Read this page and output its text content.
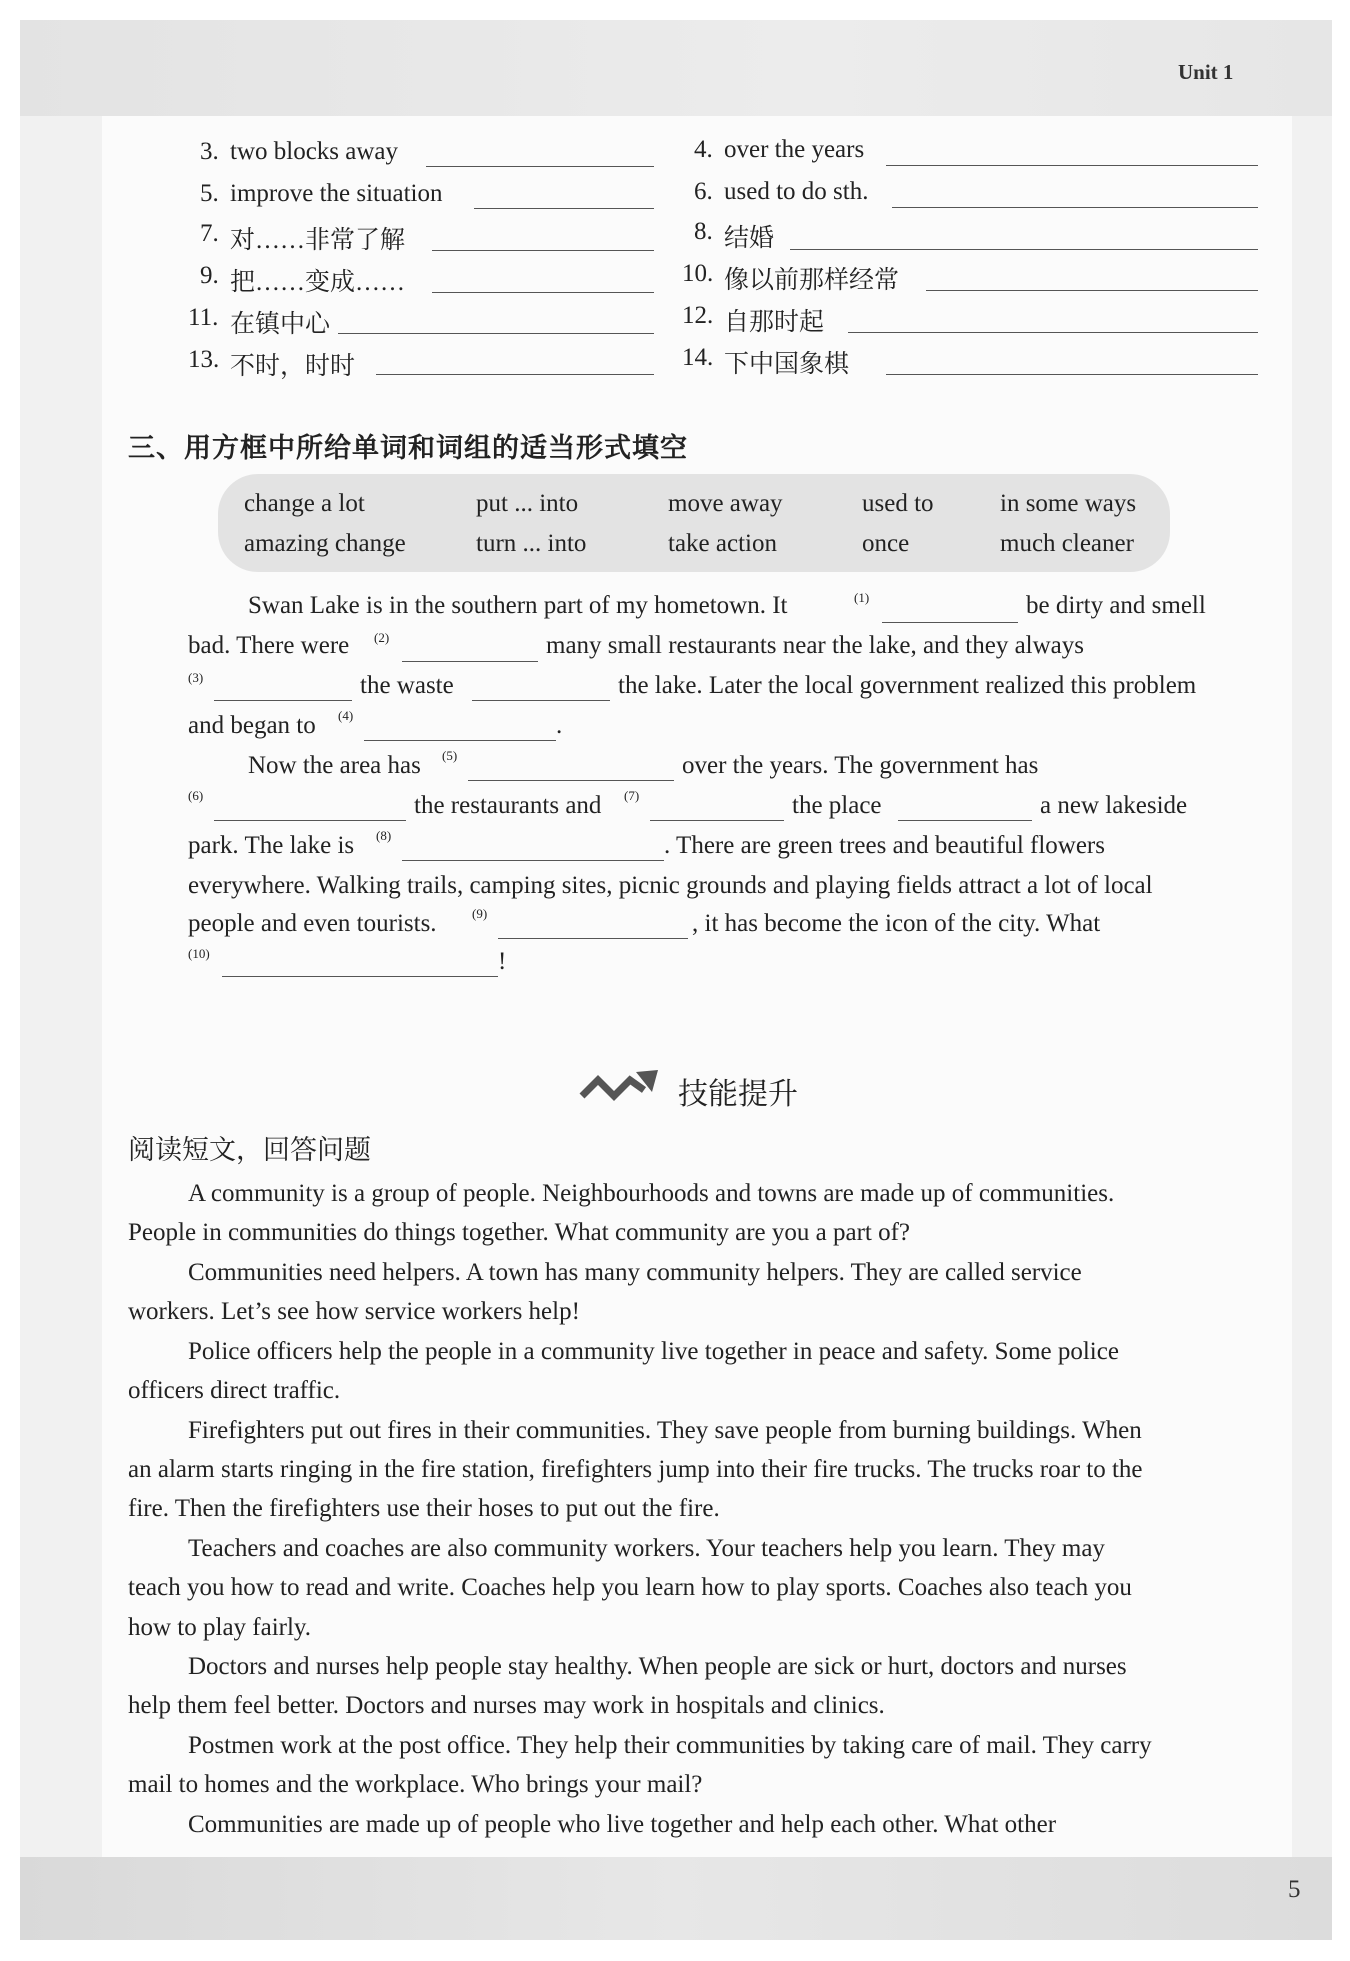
Unit 1
5
3. two blocks away	4. over the years
5. improve the situation	6. used to do sth.
7. 对……非常了解	8. 结婚
9. 把……变成……	10. 像以前那样经常
11. 在镇中心	12. 自那时起
13. 不时，时时	14. 下中国象棋
三、用方框中所给单词和词组的适当形式填空
change a lot	put ... into	move away	used to	in some ways
amazing change	turn ... into	take action	once	much cleaner
Swan Lake is in the southern part of my hometown. It	(1)	be dirty and smell
bad. There were (2)	many small restaurants near the lake, and they always
(3)	the waste	the lake. Later the local government realized this problem
and began to (4)	.
Now the area has (5)	over the years. The government has
(6)	the restaurants and (7)	the place	a new lakeside
park. The lake is (8)	. There are green trees and beautiful flowers
everywhere. Walking trails, camping sites, picnic grounds and playing fields attract a lot of local
people and even tourists.	(9)	, it has become the icon of the city. What
(10)	!
技能提升
阅读短文，回答问题
A community is a group of people. Neighbourhoods and towns are made up of communities.
People in communities do things together. What community are you a part of?
Communities need helpers. A town has many community helpers. They are called service
workers. Let’s see how service workers help!
Police officers help the people in a community live together in peace and safety. Some police
officers direct traffic.
Firefighters put out fires in their communities. They save people from burning buildings. When
an alarm starts ringing in the fire station, firefighters jump into their fire trucks. The trucks roar to the
fire. Then the firefighters use their hoses to put out the fire.
Teachers and coaches are also community workers. Your teachers help you learn. They may
teach you how to read and write. Coaches help you learn how to play sports. Coaches also teach you
how to play fairly.
Doctors and nurses help people stay healthy. When people are sick or hurt, doctors and nurses
help them feel better. Doctors and nurses may work in hospitals and clinics.
Postmen work at the post office. They help their communities by taking care of mail. They carry
mail to homes and the workplace. Who brings your mail?
Communities are made up of people who live together and help each other. What other
